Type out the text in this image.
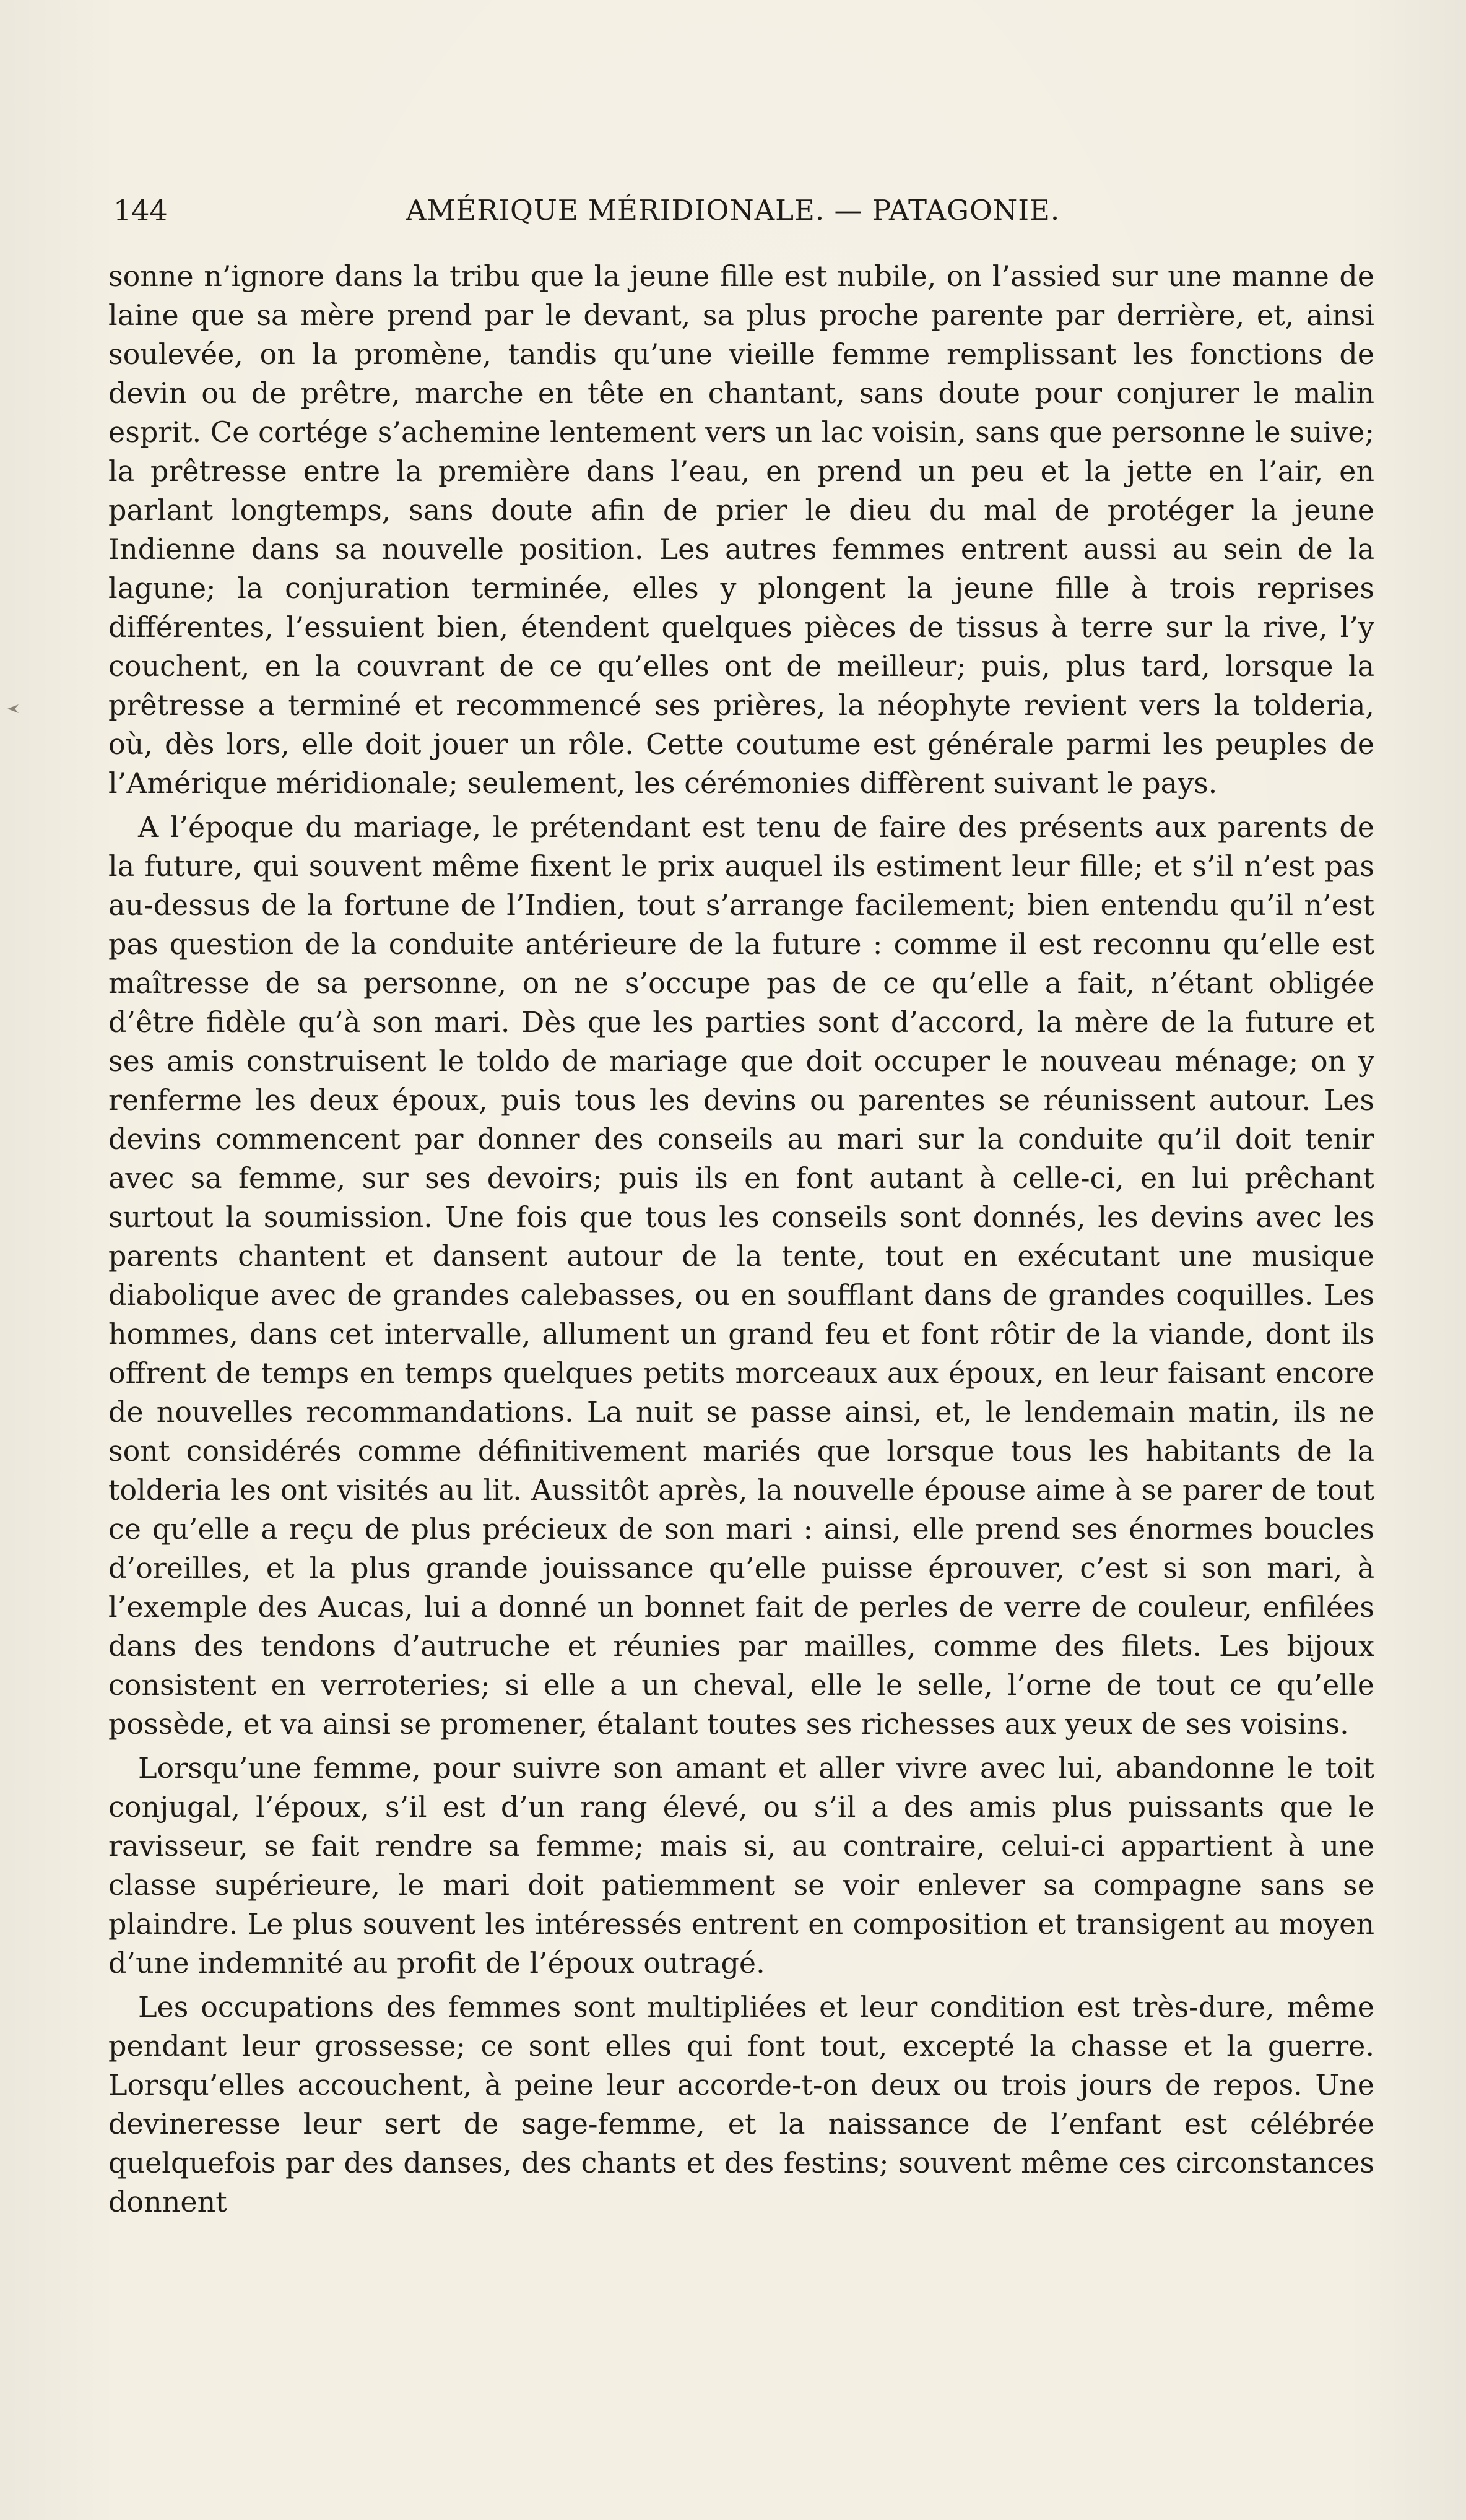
144	AMÉRIQUE MÉRIDIONALE. — PATAGONIE.

sonne n’ignore dans la tribu que la jeune fille est nubile, on l’assied sur une manne de laine que sa mère prend par le devant, sa plus proche parente par derrière, et, ainsi soulevée, on la promène, tandis qu’une vieille femme remplissant les fonctions de devin ou de prêtre, marche en tête en chantant, sans doute pour conjurer le malin esprit. Ce cortége s’achemine lentement vers un lac voisin, sans que personne le suive; la prêtresse entre la première dans l’eau, en prend un peu et la jette en l’air, en parlant longtemps, sans doute afin de prier le dieu du mal de protéger la jeune Indienne dans sa nouvelle position. Les autres femmes entrent aussi au sein de la lagune; la conjuration terminée, elles y plongent la jeune fille à trois reprises différentes, l’essuient bien, étendent quelques pièces de tissus à terre sur la rive, l’y couchent, en la couvrant de ce qu’elles ont de meilleur; puis, plus tard, lorsque la prêtresse a terminé et recommencé ses prières, la néophyte revient vers la tolderia, où, dès lors, elle doit jouer un rôle. Cette coutume est générale parmi les peuples de l’Amérique méridionale; seulement, les cérémonies diffèrent suivant le pays.

A l’époque du mariage, le prétendant est tenu de faire des présents aux parents de la future, qui souvent même fixent le prix auquel ils estiment leur fille; et s’il n’est pas au-dessus de la fortune de l’Indien, tout s’arrange facilement; bien entendu qu’il n’est pas question de la conduite antérieure de la future : comme il est reconnu qu’elle est maîtresse de sa personne, on ne s’occupe pas de ce qu’elle a fait, n’étant obligée d’être fidèle qu’à son mari. Dès que les parties sont d’accord, la mère de la future et ses amis construisent le toldo de mariage que doit occuper le nouveau ménage; on y renferme les deux époux, puis tous les devins ou parentes se réunissent autour. Les devins commencent par donner des conseils au mari sur la conduite qu’il doit tenir avec sa femme, sur ses devoirs; puis ils en font autant à celle-ci, en lui prêchant surtout la soumission. Une fois que tous les conseils sont donnés, les devins avec les parents chantent et dansent autour de la tente, tout en exécutant une musique diabolique avec de grandes calebasses, ou en soufflant dans de grandes coquilles. Les hommes, dans cet intervalle, allument un grand feu et font rôtir de la viande, dont ils offrent de temps en temps quelques petits morceaux aux époux, en leur faisant encore de nouvelles recommandations. La nuit se passe ainsi, et, le lendemain matin, ils ne sont considérés comme définitivement mariés que lorsque tous les habitants de la tolderia les ont visités au lit. Aussitôt après, la nouvelle épouse aime à se parer de tout ce qu’elle a reçu de plus précieux de son mari : ainsi, elle prend ses énormes boucles d’oreilles, et la plus grande jouissance qu’elle puisse éprouver, c’est si son mari, à l’exemple des Aucas, lui a donné un bonnet fait de perles de verre de couleur, enfilées dans des tendons d’autruche et réunies par mailles, comme des filets. Les bijoux consistent en verroteries; si elle a un cheval, elle le selle, l’orne de tout ce qu’elle possède, et va ainsi se promener, étalant toutes ses richesses aux yeux de ses voisins.

Lorsqu’une femme, pour suivre son amant et aller vivre avec lui, abandonne le toit conjugal, l’époux, s’il est d’un rang élevé, ou s’il a des amis plus puissants que le ravisseur, se fait rendre sa femme; mais si, au contraire, celui-ci appartient à une classe supérieure, le mari doit patiemment se voir enlever sa compagne sans se plaindre. Le plus souvent les intéressés entrent en composition et transigent au moyen d’une indemnité au profit de l’époux outragé.

Les occupations des femmes sont multipliées et leur condition est très-dure, même pendant leur grossesse; ce sont elles qui font tout, excepté la chasse et la guerre. Lorsqu’elles accouchent, à peine leur accorde-t-on deux ou trois jours de repos. Une devineresse leur sert de sage-femme, et la naissance de l’enfant est célébrée quelquefois par des danses, des chants et des festins; souvent même ces circonstances donnent
